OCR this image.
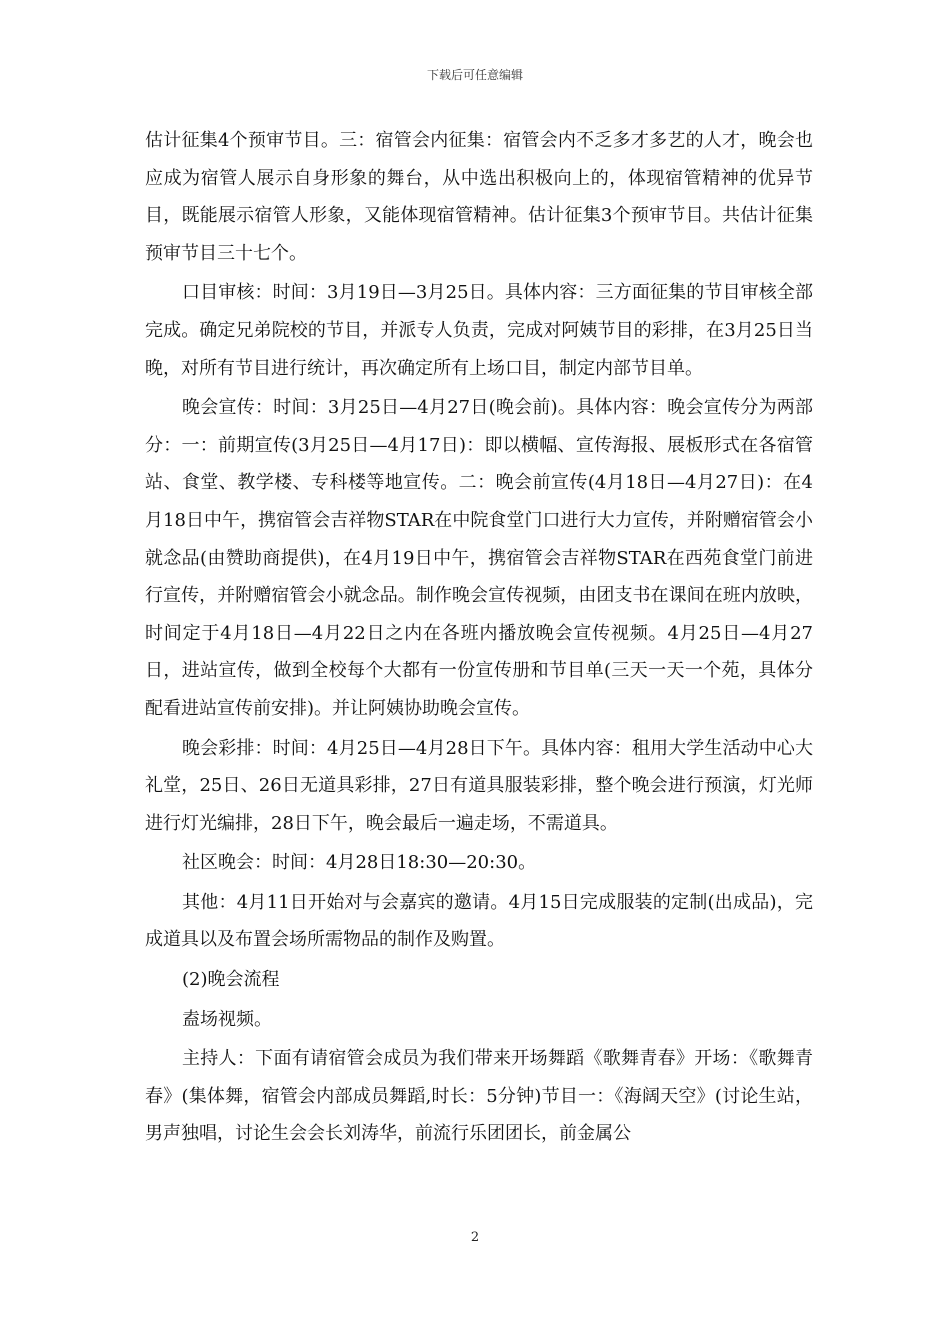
下载后可任意编辑

估计征集4个预审节目。三：宿管会内征集：宿管会内不乏多才多艺的人才，晚会也应成为宿管人展示自身形象的舞台，从中选出积极向上的，体现宿管精神的优异节目，既能展示宿管人形象，又能体现宿管精神。估计征集3个预审节目。共估计征集预审节目三十七个。

口目审核：时间：3月19日—3月25日。具体内容：三方面征集的节目审核全部完成。确定兄弟院校的节目，并派专人负责，完成对阿姨节目的彩排，在3月25日当晚，对所有节目进行统计，再次确定所有上场口目，制定内部节目单。

晚会宣传：时间：3月25日—4月27日(晚会前)。具体内容：晚会宣传分为两部分：一：前期宣传(3月25日—4月17日)：即以横幅、宣传海报、展板形式在各宿管站、食堂、教学楼、专科楼等地宣传。二：晚会前宣传(4月18日—4月27日)：在4月18日中午，携宿管会吉祥物STAR在中院食堂门口进行大力宣传，并附赠宿管会小就念品(由赞助商提供)，在4月19日中午，携宿管会吉祥物STAR在西苑食堂门前进行宣传，并附赠宿管会小就念品。制作晚会宣传视频，由团支书在课间在班内放映，时间定于4月18日—4月22日之内在各班内播放晚会宣传视频。4月25日—4月27日，进站宣传，做到全校每个大都有一份宣传册和节目单(三天一天一个苑，具体分配看进站宣传前安排)。并让阿姨协助晚会宣传。

晚会彩排：时间：4月25日—4月28日下午。具体内容：租用大学生活动中心大礼堂，25日、26日无道具彩排，27日有道具服装彩排，整个晚会进行预演，灯光师进行灯光编排，28日下午，晚会最后一遍走场，不需道具。

社区晚会：时间：4月28日18:30—20:30。

其他：4月11日开始对与会嘉宾的邀请。4月15日完成服装的定制(出成品)，完成道具以及布置会场所需物品的制作及购置。

(2)晚会流程

盍场视频。

主持人：下面有请宿管会成员为我们带来开场舞蹈《歌舞青春》开场：《歌舞青春》(集体舞，宿管会内部成员舞蹈,时长：5分钟)节目一：《海阔天空》(讨论生站，男声独唱，讨论生会会长刘涛华，前流行乐团团长，前金属公

2
